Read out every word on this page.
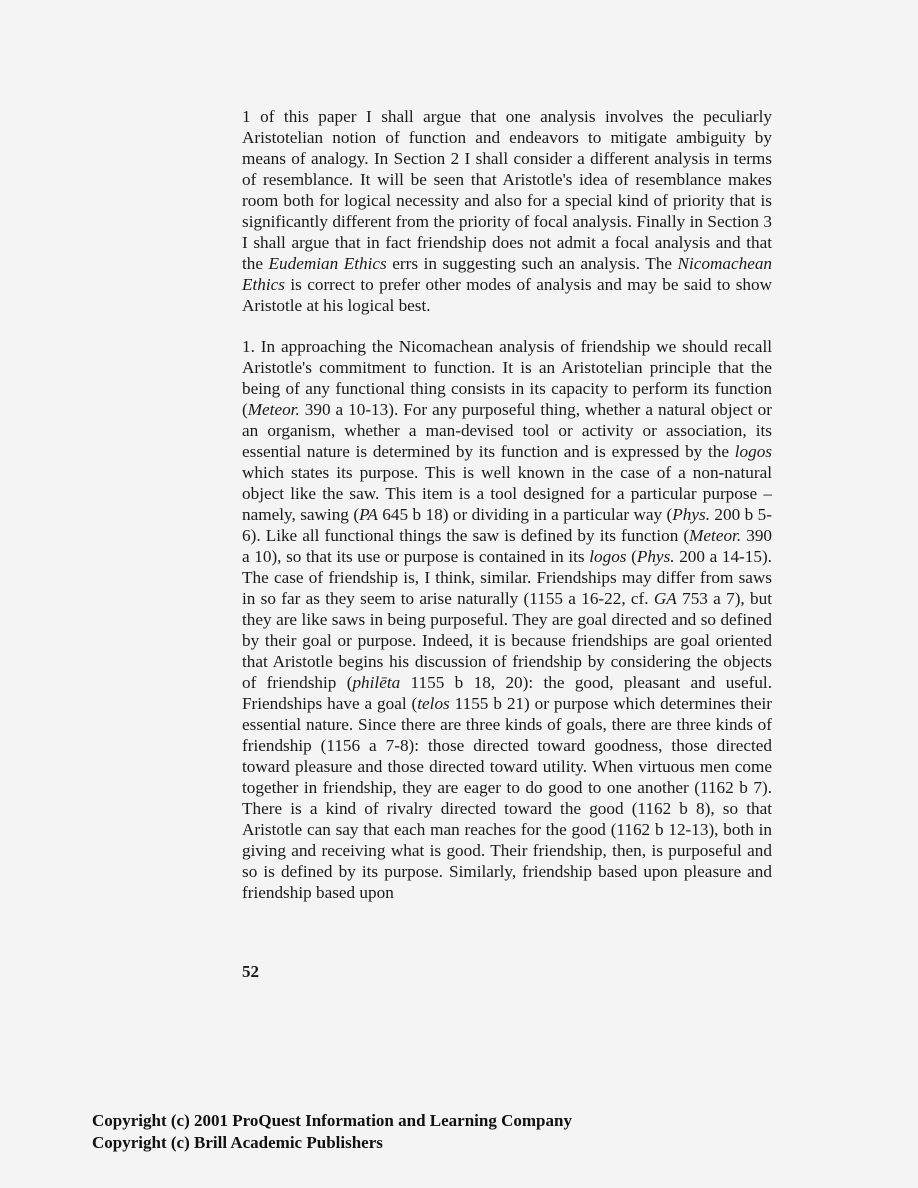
1 of this paper I shall argue that one analysis involves the peculiarly Aristotelian notion of function and endeavors to mitigate ambiguity by means of analogy. In Section 2 I shall consider a different analysis in terms of resemblance. It will be seen that Aristotle's idea of resemblance makes room both for logical necessity and also for a special kind of priority that is significantly different from the priority of focal analysis. Finally in Section 3 I shall argue that in fact friendship does not admit a focal analysis and that the Eudemian Ethics errs in suggesting such an analysis. The Nicomachean Ethics is correct to prefer other modes of analysis and may be said to show Aristotle at his logical best.

1. In approaching the Nicomachean analysis of friendship we should recall Aristotle's commitment to function. It is an Aristotelian principle that the being of any functional thing consists in its capacity to perform its function (Meteor. 390 a 10-13). For any purposeful thing, whether a natural object or an organism, whether a man-devised tool or activity or association, its essential nature is determined by its function and is expressed by the logos which states its purpose. This is well known in the case of a non-natural object like the saw. This item is a tool designed for a particular purpose – namely, sawing (PA 645 b 18) or dividing in a particular way (Phys. 200 b 5-6). Like all functional things the saw is defined by its function (Meteor. 390 a 10), so that its use or purpose is contained in its logos (Phys. 200 a 14-15). The case of friendship is, I think, similar. Friendships may differ from saws in so far as they seem to arise naturally (1155 a 16-22, cf. GA 753 a 7), but they are like saws in being purposeful. They are goal directed and so defined by their goal or purpose. Indeed, it is because friendships are goal oriented that Aristotle begins his discussion of friendship by considering the objects of friendship (philēta 1155 b 18, 20): the good, pleasant and useful. Friendships have a goal (telos 1155 b 21) or purpose which determines their essential nature. Since there are three kinds of goals, there are three kinds of friendship (1156 a 7-8): those directed toward goodness, those directed toward pleasure and those directed toward utility. When virtuous men come together in friendship, they are eager to do good to one another (1162 b 7). There is a kind of rivalry directed toward the good (1162 b 8), so that Aristotle can say that each man reaches for the good (1162 b 12-13), both in giving and receiving what is good. Their friendship, then, is purposeful and so is defined by its purpose. Similarly, friendship based upon pleasure and friendship based upon

52
Copyright (c) 2001 ProQuest Information and Learning Company
Copyright (c) Brill Academic Publishers
